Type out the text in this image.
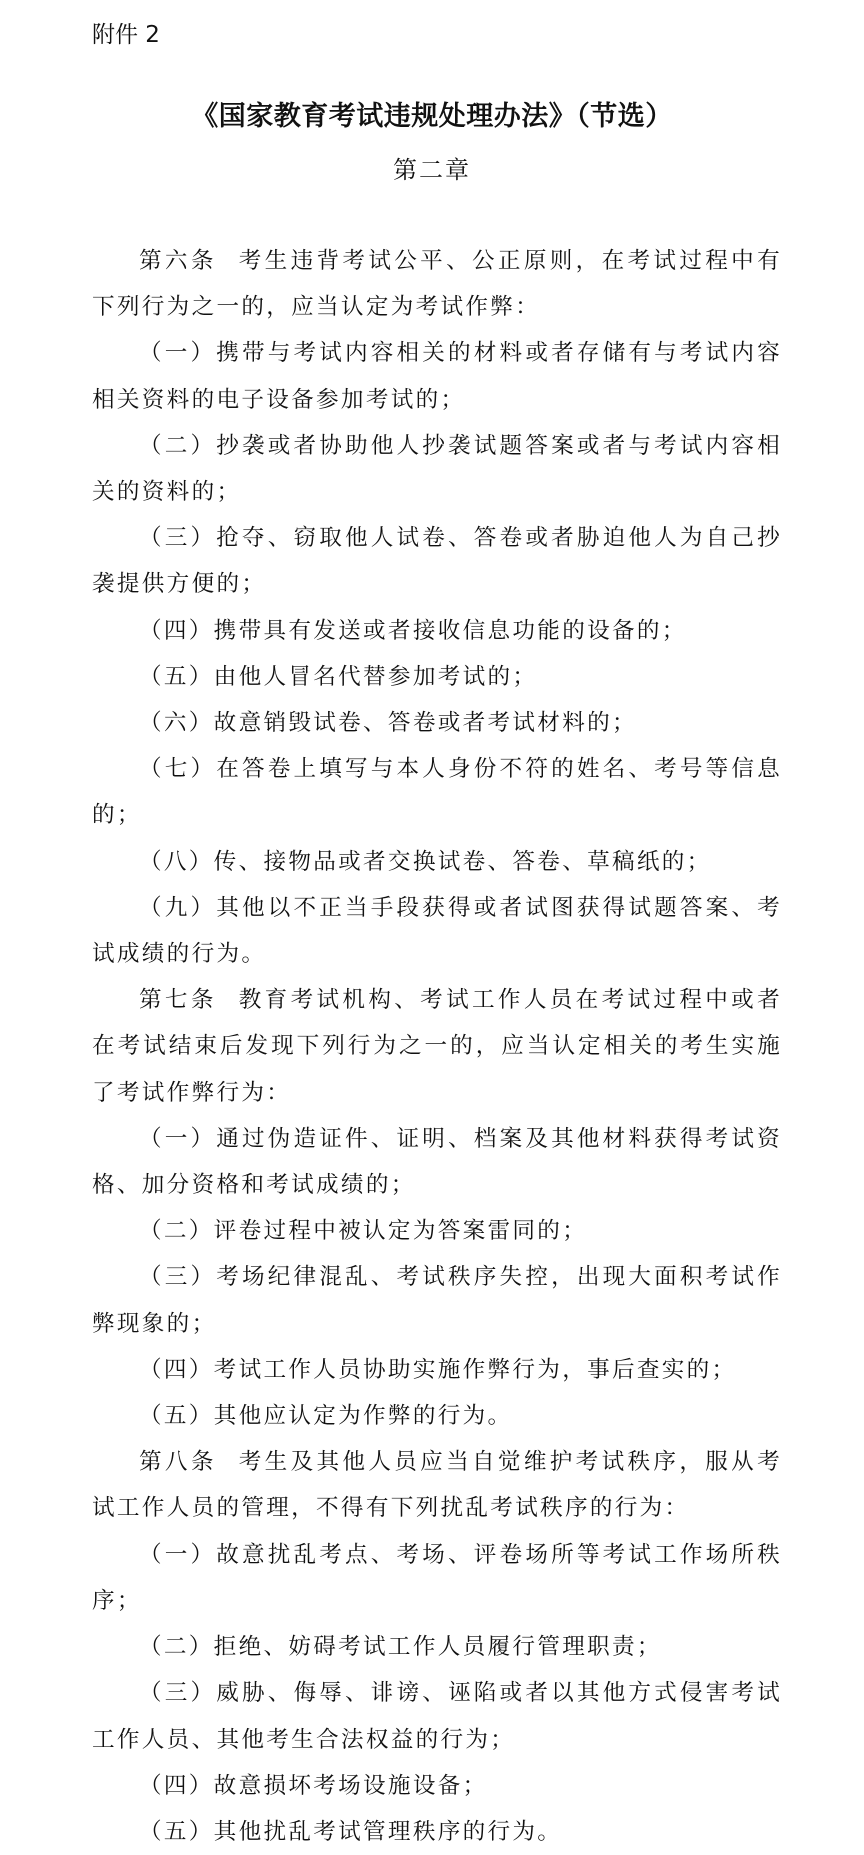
附件 2
《国家教育考试违规处理办法》（节选）
第二章

第六条 考生违背考试公平、公正原则，在考试过程中有下列行为之一的，应当认定为考试作弊：

（一）携带与考试内容相关的材料或者存储有与考试内容相关资料的电子设备参加考试的；

（二）抄袭或者协助他人抄袭试题答案或者与考试内容相关的资料的；

（三）抢夺、窃取他人试卷、答卷或者胁迫他人为自己抄袭提供方便的；

（四）携带具有发送或者接收信息功能的设备的；

（五）由他人冒名代替参加考试的；

（六）故意销毁试卷、答卷或者考试材料的；

（七）在答卷上填写与本人身份不符的姓名、考号等信息的；

（八）传、接物品或者交换试卷、答卷、草稿纸的；

（九）其他以不正当手段获得或者试图获得试题答案、考试成绩的行为。

第七条 教育考试机构、考试工作人员在考试过程中或者在考试结束后发现下列行为之一的，应当认定相关的考生实施了考试作弊行为：

（一）通过伪造证件、证明、档案及其他材料获得考试资格、加分资格和考试成绩的；

（二）评卷过程中被认定为答案雷同的；

（三）考场纪律混乱、考试秩序失控，出现大面积考试作弊现象的；

（四）考试工作人员协助实施作弊行为，事后查实的；

（五）其他应认定为作弊的行为。

第八条 考生及其他人员应当自觉维护考试秩序，服从考试工作人员的管理，不得有下列扰乱考试秩序的行为：

（一）故意扰乱考点、考场、评卷场所等考试工作场所秩序；

（二）拒绝、妨碍考试工作人员履行管理职责；

（三）威胁、侮辱、诽谤、诬陷或者以其他方式侵害考试工作人员、其他考生合法权益的行为；

（四）故意损坏考场设施设备；

（五）其他扰乱考试管理秩序的行为。
